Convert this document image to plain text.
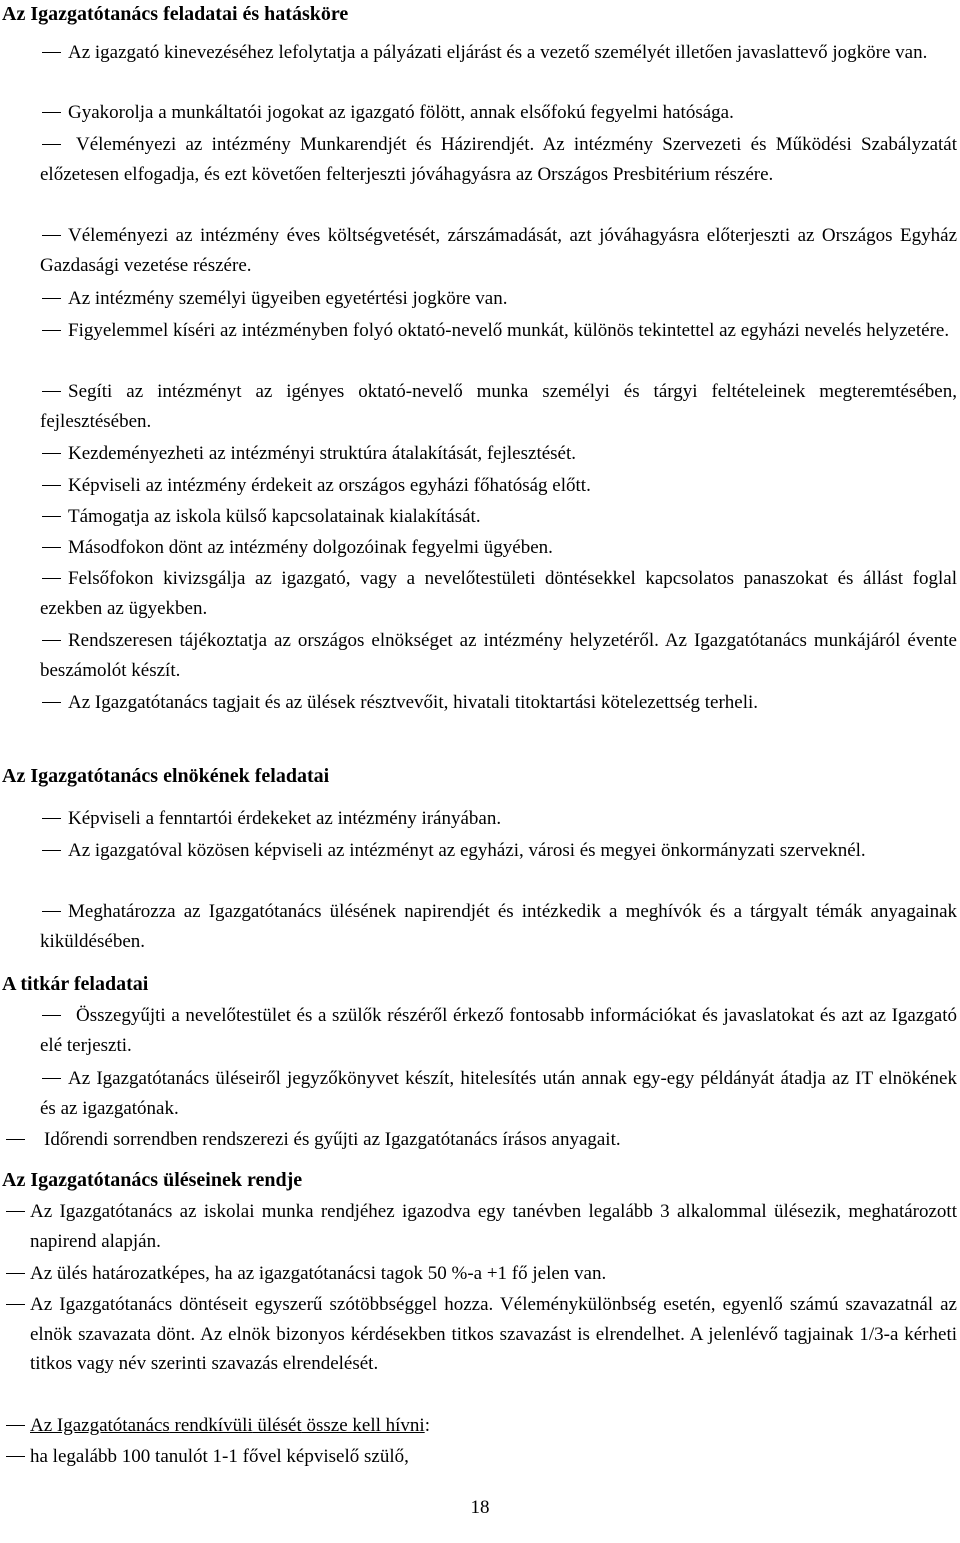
Az Igazgatótanács feladatai és hatásköre
Az igazgató kinevezéséhez lefolytatja a pályázati eljárást és a vezető személyét illetően javaslattevő jogköre van.
Gyakorolja a munkáltatói jogokat az igazgató fölött, annak elsőfokú fegyelmi hatósága.
Véleményezi az intézmény Munkarendjét és Házirendjét. Az intézmény Szervezeti és Működési Szabályzatát előzetesen elfogadja, és ezt követően felterjeszti jóváhagyásra az Országos Presbitérium részére.
Véleményezi az intézmény éves költségvetését, zárszámadását, azt jóváhagyásra előterjeszti az Országos Egyház Gazdasági vezetése részére.
Az intézmény személyi ügyeiben egyetértési jogköre van.
Figyelemmel kíséri az intézményben folyó oktató-nevelő munkát, különös tekintettel az egyházi nevelés helyzetére.
Segíti az intézményt az igényes oktató-nevelő munka személyi és tárgyi feltételeinek megteremtésében, fejlesztésében.
Kezdeményezheti az intézményi struktúra átalakítását, fejlesztését.
Képviseli az intézmény érdekeit az országos egyházi főhatóság előtt.
Támogatja az iskola külső kapcsolatainak kialakítását.
Másodfokon dönt az intézmény dolgozóinak fegyelmi ügyében.
Felsőfokon kivizsgálja az igazgató, vagy a nevelőtestületi döntésekkel kapcsolatos panaszokat és állást foglal ezekben az ügyekben.
Rendszeresen tájékoztatja az országos elnökséget az intézmény helyzetéről. Az Igazgatótanács munkájáról évente beszámolót készít.
Az Igazgatótanács tagjait és az ülések résztvevőit, hivatali titoktartási kötelezettség terheli.
Az Igazgatótanács elnökének feladatai
Képviseli a fenntartói érdekeket az intézmény irányában.
Az igazgatóval közösen képviseli az intézményt az egyházi, városi és megyei önkormányzati szerveknél.
Meghatározza az Igazgatótanács ülésének napirendjét és intézkedik a meghívók és a tárgyalt témák anyagainak kiküldésében.
A titkár feladatai
Összegyűjti a nevelőtestület és a szülők részéről érkező fontosabb információkat és javaslatokat és azt az Igazgató elé terjeszti.
Az Igazgatótanács üléseiről jegyzőkönyvet készít, hitelesítés után annak egy-egy példányát átadja az IT elnökének és az igazgatónak.
Időrendi sorrendben rendszerezi és gyűjti az Igazgatótanács írásos anyagait.
Az Igazgatótanács üléseinek rendje
Az Igazgatótanács az iskolai munka rendjéhez igazodva egy tanévben legalább 3 alkalommal ülésezik, meghatározott napirend alapján.
Az ülés határozatképes, ha az igazgatótanácsi tagok 50 %-a +1 fő jelen van.
Az Igazgatótanács döntéseit egyszerű szótöbbséggel hozza. Véleménykülönbség esetén, egyenlő számú szavazatnál az elnök szavazata dönt. Az elnök bizonyos kérdésekben titkos szavazást is elrendelhet. A jelenlévő tagjainak 1/3-a kérheti titkos vagy név szerinti szavazás elrendelését.
Az Igazgatótanács rendkívüli ülését össze kell hívni:
ha legalább 100 tanulót 1-1 fővel képviselő szülő,
18
